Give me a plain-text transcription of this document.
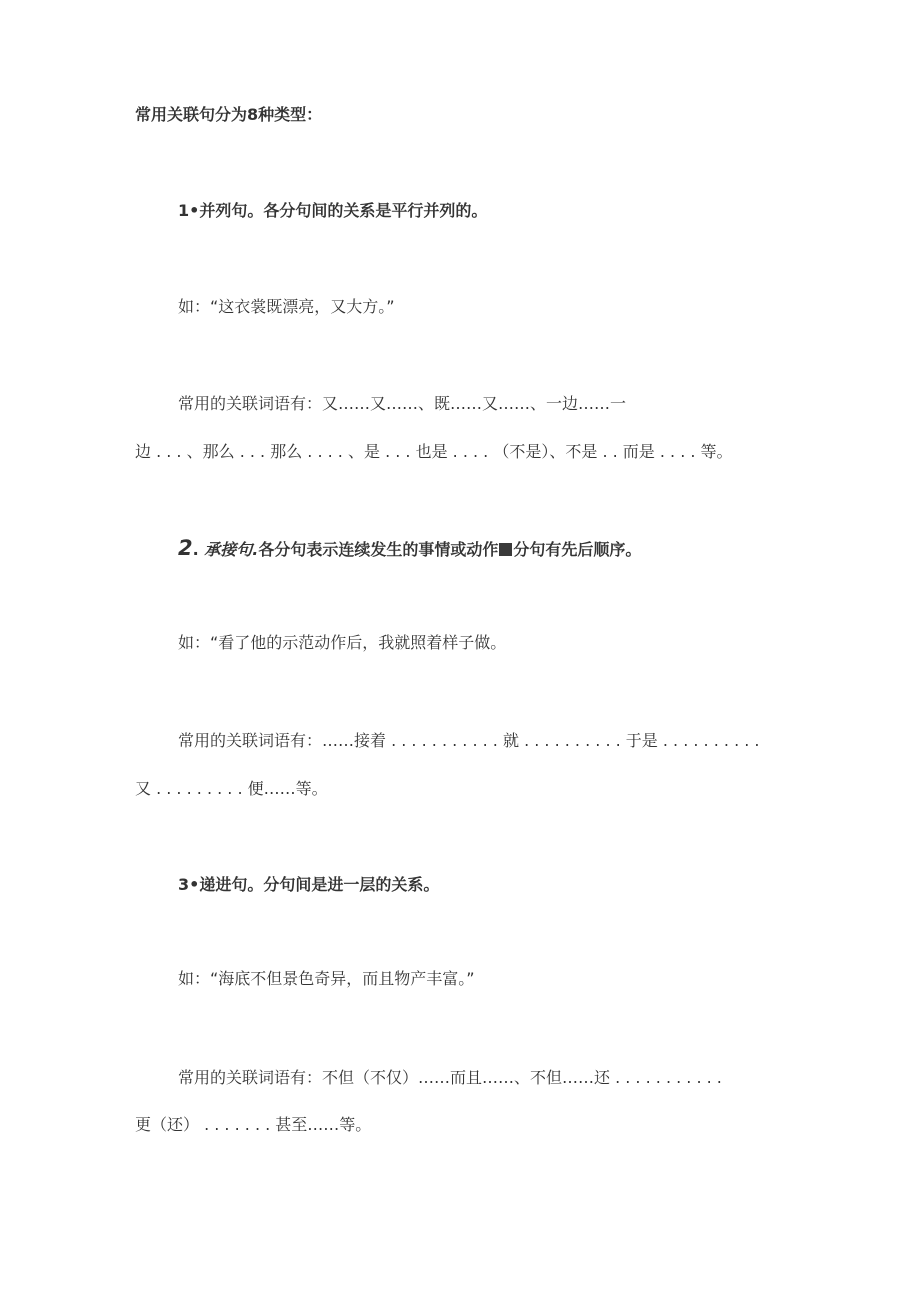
常用关联句分为8种类型：

1•并列句。各分句间的关系是平行并列的。

如：“这衣裳既漂亮，又大方。”

常用的关联词语有：又……又……、既……又……、一边……一

边 . . . 、那么 . . . 那么 . . . . 、是 . . . 也是 . . . . （不是）、不是 . . 而是 . . . . 等。

2. 承接句.各分句表示连续发生的事情或动作 分句有先后顺序。

如：“看了他的示范动作后，我就照着样子做。

常用的关联词语有：……接着 . . . . . . . . . . . 就 . . . . . . . . . . 于是 . . . . . . . . . .

又 . . . . . . . . . 便……等。

3•递进句。分句间是进一层的关系。

如：“海底不但景色奇异，而且物产丰富。”

常用的关联词语有：不但（不仅）……而且……、不但……还 . . . . . . . . . . .

更（还） . . . . . . . 甚至……等。
